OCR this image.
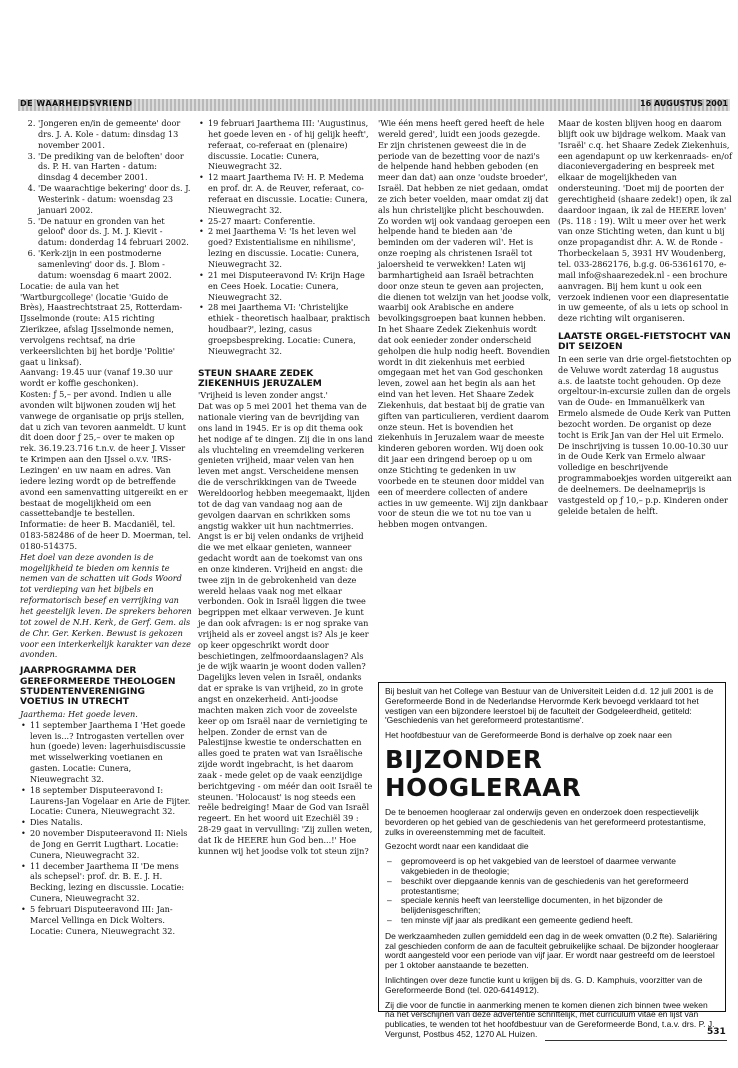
DE WAARHEIDSVRIEND	16 AUGUSTUS 2001
2. 'Jongeren en/in de gemeente' door drs. J. A. Kole - datum: dinsdag 13 november 2001.
3. 'De prediking van de beloften' door ds. P. H. van Harten - datum: dinsdag 4 december 2001.
4. 'De waarachtige bekering' door ds. J. Westerink - datum: woensdag 23 januari 2002.
5. 'De natuur en gronden van het geloof' door ds. J. M. J. Kievit - datum: donderdag 14 februari 2002.
6. 'Kerk-zijn in een postmoderne samenleving' door ds. J. Blom - datum: woensdag 6 maart 2002.

Locatie: de aula van het 'Wartburgcollege' (locatie 'Guido de Brès), Haastrechtstraat 25, Rotterdam-IJsselmonde (route: A15 richting Zierikzee, afslag IJsselmonde nemen, vervolgens rechtsaf, na drie verkeerslichten bij het bordje 'Politie' gaat u linksaf).

Aanvang: 19.45 uur (vanaf 19.30 uur wordt er koffie geschonken).

Kosten: ƒ 5,– per avond. Indien u alle avonden wilt bijwonen zouden wij het vanwege de organisatie op prijs stellen, dat u zich van tevoren aanmeldt. U kunt dit doen door ƒ 25,– over te maken op rek. 36.19.23.716 t.n.v. de heer J. Visser te Krimpen aan den IJssel o.v.v. 'IRS-Lezingen' en uw naam en adres. Van iedere lezing wordt op de betreffende avond een samenvatting uitgereikt en er bestaat de mogelijkheid om een cassettebandje te bestellen.

Informatie: de heer B. Macdaniël, tel. 0183-582486 of de heer D. Moerman, tel. 0180-514375.

Het doel van deze avonden is de mogelijkheid te bieden om kennis te nemen van de schatten uit Gods Woord tot verdieping van het bijbels en reformatorisch besef en verrijking van het geestelijk leven. De sprekers behoren tot zowel de N.H. Kerk, de Gerf. Gem. als de Chr. Ger. Kerken. Bewust is gekozen voor een interkerkelijk karakter van deze avonden.

JAARPROGRAMMA DER GEREFORMEERDE THEOLOGEN STUDENTENVERENIGING VOETIUS IN UTRECHT

Jaarthema: Het goede leven.

• 11 september Jaarthema I 'Het goede leven is...? Introgasten vertellen over hun (goede) leven: lagerhuisdiscussie met wisselwerking voetianen en gasten. Locatie: Cunera, Nieuwegracht 32.
• 18 september Disputeeravond I: Laurens-Jan Vogelaar en Arie de Fijter. Locatie: Cunera, Nieuwegracht 32.
• Dies Natalis.
• 20 november Disputeeravond II: Niels de Jong en Gerrit Lugthart. Locatie: Cunera, Nieuwegracht 32.
• 11 december Jaarthema II 'De mens als schepsel': prof. dr. B. E. J. H. Becking, lezing en discussie. Locatie: Cunera, Nieuwegracht 32.
• 5 februari Disputeeravond III: Jan-Marcel Vellinga en Dick Wolters. Locatie: Cunera, Nieuwegracht 32.
• 19 februari Jaarthema III: 'Augustinus, het goede leven en - of hij gelijk heeft', referaat, co-referaat en (plenaire) discussie. Locatie: Cunera, Nieuwegracht 32.
• 12 maart Jaarthema IV: H. P. Medema en prof. dr. A. de Reuver, referaat, co-referaat en discussie. Locatie: Cunera, Nieuwegracht 32.
• 25-27 maart: Conferentie.
• 2 mei Jaarthema V: 'Is het leven wel goed? Existentialisme en nihilisme', lezing en discussie. Locatie: Cunera, Nieuwegracht 32.
• 21 mei Disputeeravond IV: Krijn Hage en Cees Hoek. Locatie: Cunera, Nieuwegracht 32.
• 28 mei Jaarthema VI: 'Christelijke ethiek - theoretisch haalbaar, praktisch houdbaar?', lezing, casus groepsbespreking. Locatie: Cunera, Nieuwegracht 32.
STEUN SHAARE ZEDEK ZIEKENHUIS JERUZALEM

'Vrijheid is leven zonder angst.'

Dat was op 5 mei 2001 het thema van de nationale viering van de bevrijding van ons land in 1945. Er is op dit thema ook het nodige af te dingen. Zij die in ons land als vluchteling en vreemdeling verkeren genieten vrijheid, maar velen van hen leven met angst. Verscheidene mensen die de verschrikkingen van de Tweede Wereldoorlog hebben meegemaakt, lijden tot de dag van vandaag nog aan de gevolgen daarvan en schrikken soms angstig wakker uit hun nachtmerries. Angst is er bij velen ondanks de vrijheid die we met elkaar genieten, wanneer gedacht wordt aan de toekomst van ons en onze kinderen. Vrijheid en angst: die twee zijn in de gebrokenheid van deze wereld helaas vaak nog met elkaar verbonden. Ook in Israël liggen die twee begrippen met elkaar verweven. Je kunt je dan ook afvragen: is er nog sprake van vrijheid als er zoveel angst is? Als je keer op keer opgeschrikt wordt door beschietingen, zelfmoordaanslagen? Als je de wijk waarin je woont doden vallen? Dagelijks leven velen in Israël, ondanks dat er sprake is van vrijheid, zo in grote angst en onzekerheid. Anti-joodse machten maken zich voor de zoveelste keer op om Israël naar de vernietiging te helpen. Zonder de ernst van de Palestijnse kwestie te onderschatten en alles goed te praten wat van Israëlische zijde wordt ingebracht, is het daarom zaak - mede gelet op de vaak eenzijdige berichtgeving - om méér dan ooit Israël te steunen. 'Holocaust' is nog steeds een reële bedreiging! Maar de God van Israël regeert. En het woord uit Ezechiël 39 : 28-29 gaat in vervulling: 'Zij zullen weten, dat Ik de HEERE hun God ben...!' Hoe kunnen wij het joodse volk tot steun zijn?

'Wie één mens heeft gered heeft de hele wereld gered', luidt een joods gezegde. Er zijn christenen geweest die in de periode van de bezetting voor de nazi's de helpende hand hebben geboden (en meer dan dat) aan onze 'oudste broeder', Israël. Dat hebben ze niet gedaan, omdat ze zich beter voelden, maar omdat zij dat als hun christelijke plicht beschouwden. Zo worden wij ook vandaag geroepen een helpende hand te bieden aan 'de beminden om der vaderen wil'. Het is onze roeping als christenen Israël tot jaloersheid te verwekken! Laten wij barmhartigheid aan Israël betrachten door onze steun te geven aan projecten, die dienen tot welzijn van het joodse volk, waarbij ook Arabische en andere bevolkingsgroepen baat kunnen hebben. In het Shaare Zedek Ziekenhuis wordt dat ook eenieder zonder onderscheid geholpen die hulp nodig heeft. Bovendien wordt in dit ziekenhuis met eerbied omgegaan met het van God geschonken leven, zowel aan het begin als aan het eind van het leven. Het Shaare Zedek Ziekenhuis, dat bestaat bij de gratie van giften van particulieren, verdient daarom onze steun. Het is bovendien het ziekenhuis in Jeruzalem waar de meeste kinderen geboren worden. Wij doen ook dit jaar een dringend beroep op u om onze Stichting te gedenken in uw voorbede en te steunen door middel van een of meerdere collecten of andere acties in uw gemeente. Wij zijn dankbaar voor de steun die we tot nu toe van u hebben mogen ontvangen.

Maar de kosten blijven hoog en daarom blijft ook uw bijdrage welkom. Maak van 'Israël' c.q. het Shaare Zedek Ziekenhuis, een agendapunt op uw kerkenraads- en/of diaconievergadering en bespreek met elkaar de mogelijkheden van ondersteuning. 'Doet mij de poorten der gerechtigheid (shaare zedek!) open, ik zal daardoor ingaan, ik zal de HEERE loven' (Ps. 118 : 19). Wilt u meer over het werk van onze Stichting weten, dan kunt u bij onze propagandist dhr. A. W. de Ronde - Thorbeckelaan 5, 3931 HV Woudenberg, tel. 033-2862176, b.g.g. 06-53616170, e-mail info@shaarezedek.nl - een brochure aanvragen. Bij hem kunt u ook een verzoek indienen voor een diapresentatie in uw gemeente, of als u iets op school in deze richting wilt organiseren.

LAATSTE ORGEL-FIETSTOCHT VAN DIT SEIZOEN

In een serie van drie orgel-fietstochten op de Veluwe wordt zaterdag 18 augustus a.s. de laatste tocht gehouden. Op deze orgeltour-in-excursie zullen dan de orgels van de Oude- en Immanuëlkerk van Ermelo alsmede de Oude Kerk van Putten bezocht worden. De organist op deze tocht is Erik Jan van der Hel uit Ermelo. De inschrijving is tussen 10.00-10.30 uur in de Oude Kerk van Ermelo alwaar volledige en beschrijvende programmaboekjes worden uitgereikt aan de deelnemers. De deelnameprijs is vastgesteld op ƒ 10,– p.p. Kinderen onder geleide betalen de helft.

Bij besluit van het College van Bestuur van de Universiteit Leiden d.d. 12 juli 2001 is de Gereformeerde Bond in de Nederlandse Hervormde Kerk bevoegd verklaard tot het vestigen van een bijzondere leerstoel bij de faculteit der Godgeleerdheid, getiteld: 'Geschiedenis van het gereformeerd protestantisme'.

Het hoofdbestuur van de Gereformeerde Bond is derhalve op zoek naar een

BIJZONDER HOOGLERAAR

De te benoemen hoogleraar zal onderwijs geven en onderzoek doen respectievelijk bevorderen op het gebied van de geschiedenis van het gereformeerd protestantisme, zulks in overeenstemming met de faculteit.

Gezocht wordt naar een kandidaat die

– gepromoveerd is op het vakgebied van de leerstoel of daarmee verwante vakgebieden in de theologie;
– beschikt over diepgaande kennis van de geschiedenis van het gereformeerd protestantisme;
– speciale kennis heeft van leerstellige documenten, in het bijzonder de belijdenisgeschriften;
– ten minste vijf jaar als predikant een gemeente gediend heeft.

De werkzaamheden zullen gemiddeld een dag in de week omvatten (0.2 fte). Salariëring zal geschieden conform de aan de faculteit gebruikelijke schaal. De bijzonder hoogleraar wordt aangesteld voor een periode van vijf jaar. Er wordt naar gestreefd om de leerstoel per 1 oktober aanstaande te bezetten.

Inlichtingen over deze functie kunt u krijgen bij ds. G. D. Kamphuis, voorzitter van de Gereformeerde Bond (tel. 020-6414912).

Zij die voor de functie in aanmerking menen te komen dienen zich binnen twee weken na het verschijnen van deze advertentie schriftelijk, met curriculum vitae en lijst van publicaties, te wenden tot het hoofdbestuur van de Gereformeerde Bond, t.a.v. drs. P. J. Vergunst, Postbus 452, 1270 AL Huizen.	531
